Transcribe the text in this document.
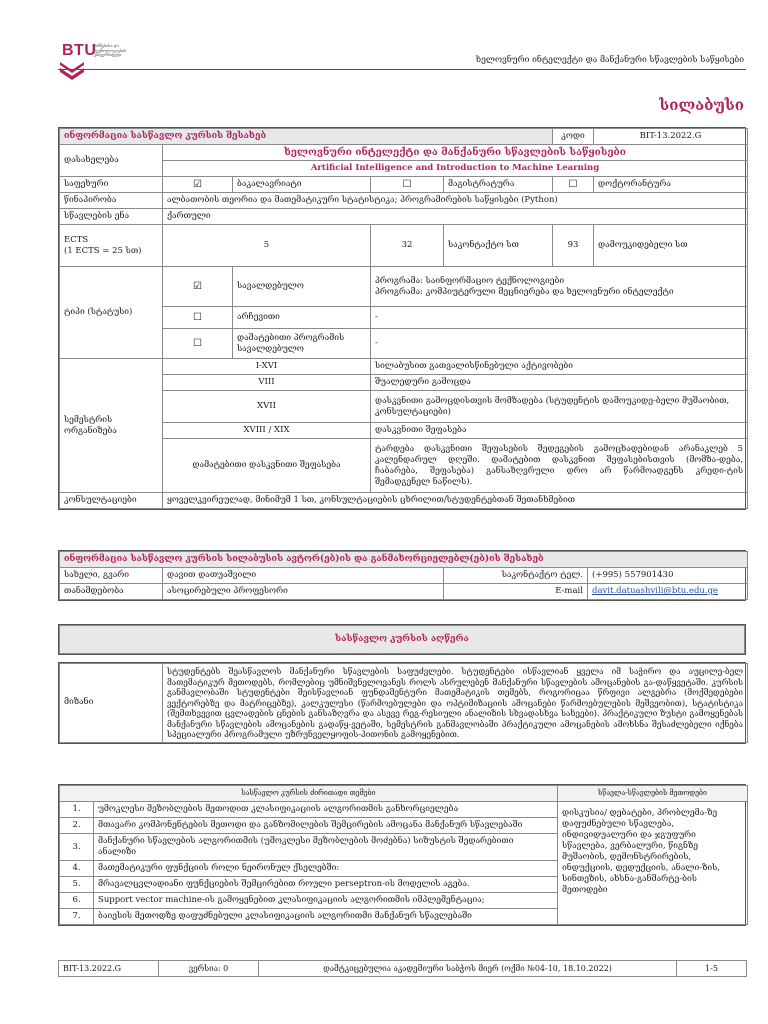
BTU
ბიზნესისა და ტექნოლოგიების უნივერსიტეტი
ხელოვნური ინტელექტი და მანქანური სწავლების საწყისები
სილაბუსი
ინფორმაცია სასწავლო კურსის შესახებ					კოდი	BIT-13.2022.G
დასახელება	ხელოვნური ინტელექტი და მანქანური სწავლების საწყისები					
	Artificial Intelligence and Introduction to Machine Learning					
საფეხური	☑	ბაკალავრიატი	☐	მაგისტრატურა	☐	დოქტორანტურა
წინაპირობა	ალბათობის თეორია და მათემატიკური სტატისტიკა; პროგრამირების საწყისები (Python)					
სწავლების ენა	ქართული					

ECTS
(1 ECTS = 25 სთ)	5		32	საკონტაქტო სთ	93	დამოუკიდებელი სთ
ტიპი (სტატუსი)	☑	სავალდებულო	პროგრამა: საინფორმაციო ტექნოლოგიები
პროგრამა: კომპიუტერული მეცნიერება და ხელოვნური ინტელექტი			

	☐	არჩევითი	-			
	☐	დამატებითი პროგრამის სავალდებულო	-			
სემესტრის ორგანიზება	I-XVI		სილაბუსით გათვალისწინებული აქტივობები			
	VIII		შუალედური გამოცდა			
	XVII		დასკვნითი გამოცდისთვის მომზადება (სტუდენტის დამოუკიდე-ბელი მუშაობით, კონსულტაციები)			
	XVIII / XIX		დასკვნითი შეფასება			
	დამატებითი დასკვნითი შეფასება		ტარდება დასკვნითი შეფასების შედეგების გამოცხადებიდან არანაკლებ 5 კალენდარულ დღეში. დამატებით დასკვნით შეფასებისთვის (მომზა-დება, ჩაბარება, შეფასება) განსაზღვრული დრო არ წარმოადგენს კრედი-ტის შემადგენელ ნაწილს).			
კონსულტაციები	ყოველკვირეულად, მინიმუმ 1 სთ, კონსულტაციების ცხრილით/სტუდენტებთან შეთანხმებით					
ინფორმაცია სასწავლო კურსის სილაბუსის ავტორ(ებ)ის და განმახორციელებლ(ებ)ის შესახებ			
სახელი, გვარი	დავით დათუაშვილი	საკონტაქტო ტელ.	(+995) 557901430
თანამდებობა	ასოცირებული პროფესორი	E-mail	davit.datuashvili@btu.edu.ge
სასწავლო კურსის აღწერა
მიზანი	სტუდენტებს შეასწავლოს მანქანური სწავლების საფუძვლები. სტუდენტები ისწავლიან ყველა იმ საჭირო და აუცილე-ბელ მათემატიკურ მეთოდებს, რომლებიც უმნიშვნელოვანეს როლს ასრულებენ მანქანური სწავლების ამოცანების გა-დაწყვეტაში. კურსის განმავლობაში სტუდენტები შეისწავლიან ფუნდამენტური მათემატიკის თემებს, როგორიცაა წრფივი ალგებრა (მოქმედებები ვექტორებზე და მატრიცებზე), კალკულუსი (წარმოებულები და ოპტიმიზაციის ამოცანები წარმოებულების მეშვეობით), სტატისტიკა (შემთხვევით ცვლადების ცნების განსაზღვრა და ასევე რეგ-რესიული ანალიზის სხვადასხვა სახეები). პრაქტიკული ზუსტი გამოყენებას მანქანური სწავლების ამოცანების გადაწყ-ვეტაში, სემესტრის განმავლობაში პრაქტიკული ამოცანების ამოხსნა შესაძლებელი იქნება სპეციალური პროგრამული უზრუნველყოფის-პითონის გამოყენებით.
სასწავლო კურსის ძირითადი თემები		სწავლა-სწავლების მეთოდები
1.	უმოკლესი მეზობლების მეთოდით კლასიფიკაციის ალგორითმის განხორციელება	დისკუსია/ დებატები, პრობლემა-ზე დაფუძნებული სწავლება, ინდივიდუალური და ჯგუფური სწავლება, ვერბალური, წიგნზე მუშაობის, დემონსტრირების, ინდუქციის, დედუქციის, ანალი-ზის, სინთეზის, ახსნა-განმარტე-ბის მეთოდები
2.	მთავარი კომპონენტების მეთოდი და განზომილების შემცირების ამოცანა მანქანურ სწავლებაში	
3.	მანქანური სწავლების ალგორითმის (უმოკლესი მეზობლების მოძებნა) სიზუსტის შედარებითი ანალიზი	
4.	მათემატიკური ფუნქციის როლი ნეირონულ ქსელებში:	
5.	მრავალცვლადიანი ფუნქციების შემცირებით როული perseptron-ის მოდელის აგება.	
6.	Support vector machine-ის გამოყენებით კლასიფიკაციის ალგორითმის იმპლემენტაცია;	
7.	ბაიესის მეთოდზე დაფუძნებული კლასიფიკაციის ალგორითმი მანქანურ სწავლებაში	
BIT-13.2022.G	ვერსია: 0	დამტკიცებულია აკადემიური საბჭოს მიერ (ოქმი №04-10, 18.10.2022)	1-5
